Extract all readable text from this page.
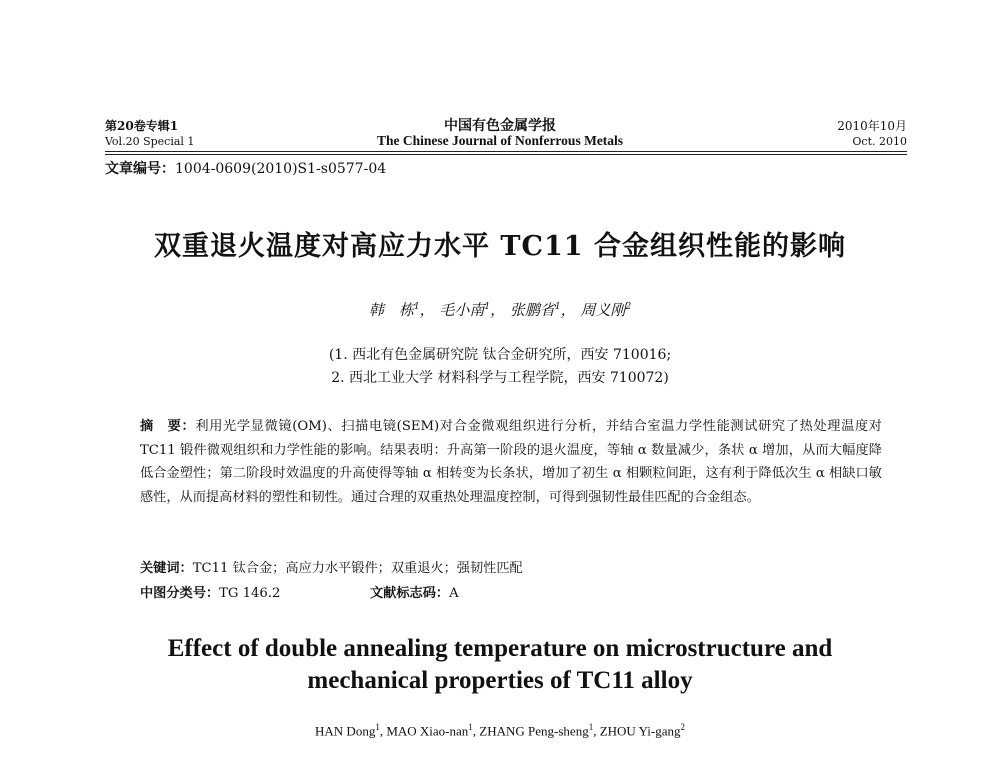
第20卷专辑1
Vol.20 Special 1
中国有色金属学报
The Chinese Journal of Nonferrous Metals
2010年10月
Oct. 2010
文章编号：1004-0609(2010)S1-s0577-04
双重退火温度对高应力水平 TC11 合金组织性能的影响
韩　栋$^1$， 毛小南$^1$， 张鹏省$^1$， 周义刚$^2$
(1. 西北有色金属研究院 钛合金研究所，西安 710016;
2. 西北工业大学 材料科学与工程学院，西安 710072)
摘　要：利用光学显微镜(OM)、扫描电镜(SEM)对合金微观组织进行分析，并结合室温力学性能测试研究了热处理温度对 TC11 锻件微观组织和力学性能的影响。结果表明：升高第一阶段的退火温度，等轴 α 数量减少，条状 α 增加，从而大幅度降低合金塑性；第二阶段时效温度的升高使得等轴 α 相转变为长条状，增加了初生 α 相颗粒间距，这有利于降低次生 α 相缺口敏感性，从而提高材料的塑性和韧性。通过合理的双重热处理温度控制，可得到强韧性最佳匹配的合金组态。
关键词：TC11 钛合金；高应力水平锻件；双重退火；强韧性匹配
中图分类号：TG 146.2	文献标志码：A
Effect of double annealing temperature on microstructure and
mechanical properties of TC11 alloy
HAN Dong$^1$, MAO Xiao-nan$^1$, ZHANG Peng-sheng$^1$, ZHOU Yi-gang$^2$
